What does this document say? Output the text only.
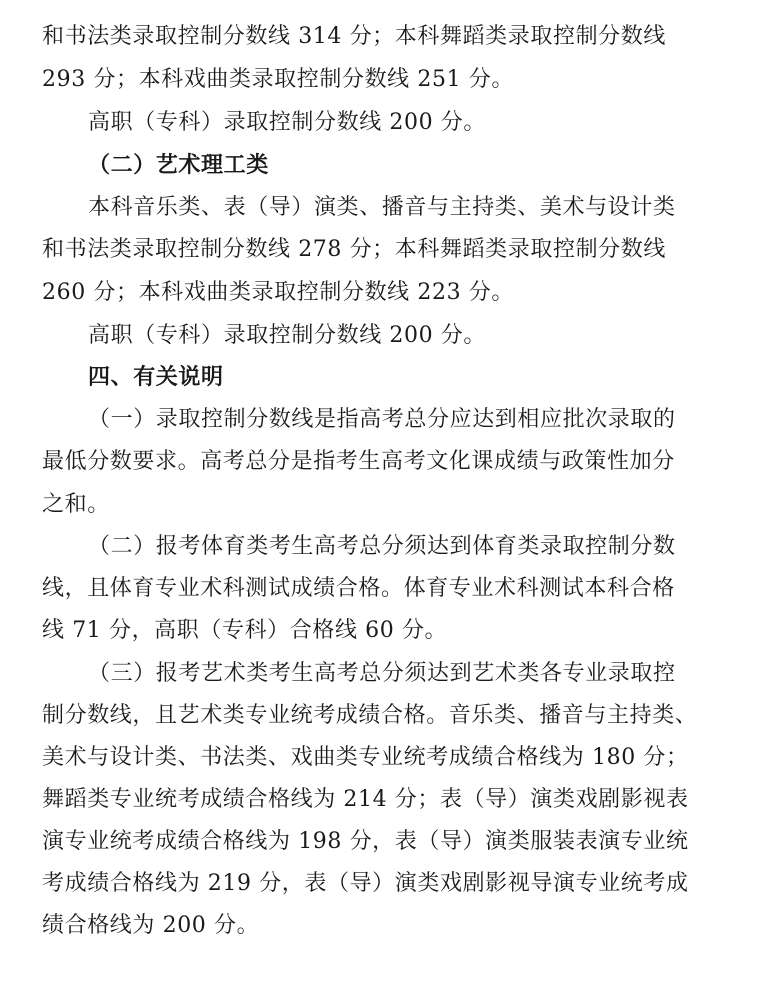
和书法类录取控制分数线 314 分；本科舞蹈类录取控制分数线
293 分；本科戏曲类录取控制分数线 251 分。
高职（专科）录取控制分数线 200 分。
（二）艺术理工类
本科音乐类、表（导）演类、播音与主持类、美术与设计类
和书法类录取控制分数线 278 分；本科舞蹈类录取控制分数线
260 分；本科戏曲类录取控制分数线 223 分。
高职（专科）录取控制分数线 200 分。
四、有关说明
（一）录取控制分数线是指高考总分应达到相应批次录取的
最低分数要求。高考总分是指考生高考文化课成绩与政策性加分
之和。
（二）报考体育类考生高考总分须达到体育类录取控制分数
线，且体育专业术科测试成绩合格。体育专业术科测试本科合格
线 71 分，高职（专科）合格线 60 分。
（三）报考艺术类考生高考总分须达到艺术类各专业录取控
制分数线，且艺术类专业统考成绩合格。音乐类、播音与主持类、
美术与设计类、书法类、戏曲类专业统考成绩合格线为 180 分；
舞蹈类专业统考成绩合格线为 214 分；表（导）演类戏剧影视表
演专业统考成绩合格线为 198 分，表（导）演类服装表演专业统
考成绩合格线为 219 分，表（导）演类戏剧影视导演专业统考成
绩合格线为 200 分。
